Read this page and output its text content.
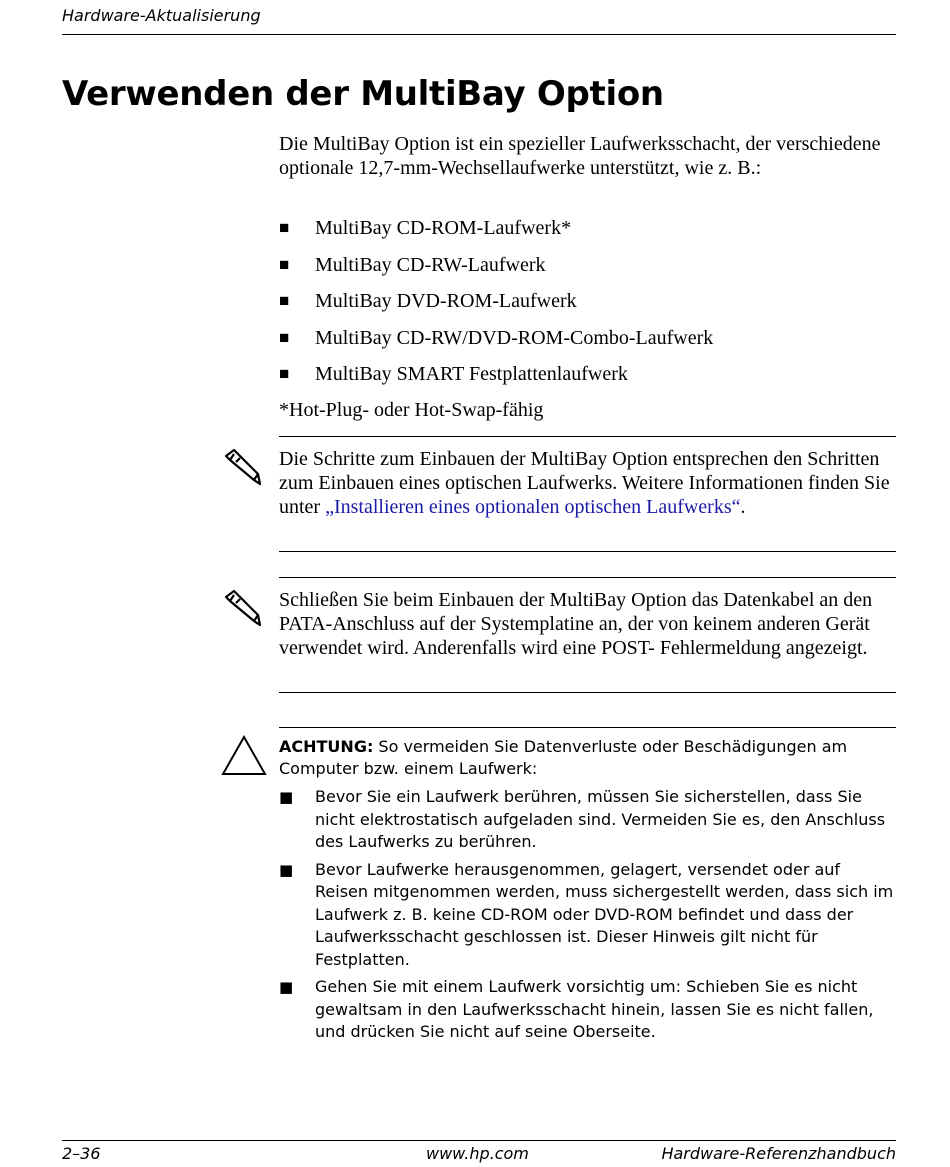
Hardware-Aktualisierung
Verwenden der MultiBay Option

Die MultiBay Option ist ein spezieller Laufwerksschacht, der verschiedene optionale 12,7-mm-Wechsellaufwerke unterstützt, wie z. B.:

■	MultiBay CD-ROM-Laufwerk*
■	MultiBay CD-RW-Laufwerk
■	MultiBay DVD-ROM-Laufwerk
■	MultiBay CD-RW/DVD-ROM-Combo-Laufwerk
■	MultiBay SMART Festplattenlaufwerk

*Hot-Plug- oder Hot-Swap-fähig

Die Schritte zum Einbauen der MultiBay Option entsprechen den Schritten zum Einbauen eines optischen Laufwerks. Weitere Informationen finden Sie unter „Installieren eines optionalen optischen Laufwerks“.

Schließen Sie beim Einbauen der MultiBay Option das Datenkabel an den PATA-Anschluss auf der Systemplatine an, der von keinem anderen Gerät verwendet wird. Anderenfalls wird eine POST- Fehlermeldung angezeigt.

ACHTUNG: So vermeiden Sie Datenverluste oder Beschädigungen am Computer bzw. einem Laufwerk:

■	Bevor Sie ein Laufwerk berühren, müssen Sie sicherstellen, dass Sie nicht elektrostatisch aufgeladen sind. Vermeiden Sie es, den Anschluss des Laufwerks zu berühren.
■	Bevor Laufwerke herausgenommen, gelagert, versendet oder auf Reisen mitgenommen werden, muss sichergestellt werden, dass sich im Laufwerk z. B. keine CD-ROM oder DVD-ROM befindet und dass der Laufwerksschacht geschlossen ist. Dieser Hinweis gilt nicht für Festplatten.
■	Gehen Sie mit einem Laufwerk vorsichtig um: Schieben Sie es nicht gewaltsam in den Laufwerksschacht hinein, lassen Sie es nicht fallen, und drücken Sie nicht auf seine Oberseite.
2–36	www.hp.com	Hardware-Referenzhandbuch
